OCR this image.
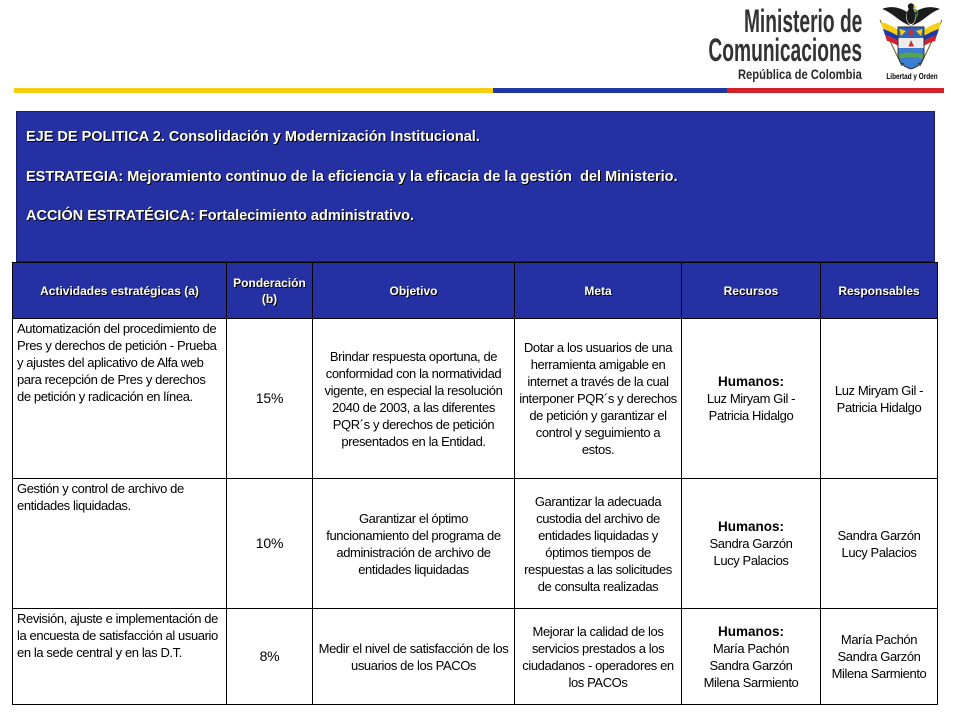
Ministerio de
Comunicaciones
República de Colombia	Libertad y Orden
EJE DE POLITICA 2. Consolidación y Modernización Institucional.
ESTRATEGIA: Mejoramiento continuo de la eficiencia y la eficacia de la gestión  del Ministerio.
ACCIÓN ESTRATÉGICA: Fortalecimiento administrativo.
Actividades estratégicas (a)	Ponderación (b)	Objetivo	Meta	Recursos	Responsables
Automatización del procedimiento de Pres y derechos de petición - Prueba  y ajustes del aplicativo de Alfa web para recepción de Pres y derechos de petición y radicación en línea.	15%	Brindar respuesta oportuna, de conformidad con la normatividad vigente, en especial la resolución 2040 de 2003, a las diferentes PQR´s y derechos de petición presentados en la Entidad.	Dotar a los usuarios de una herramienta amigable en internet a través de la cual interponer PQR´s y derechos de petición y garantizar el control y seguimiento a estos.	Humanos:
Luz Miryam Gil -
Patricia Hidalgo	Luz Miryam Gil -
Patricia Hidalgo

Gestión y control de archivo de entidades liquidadas.	10%	Garantizar el óptimo funcionamiento del programa de administración de archivo de entidades liquidadas	Garantizar la adecuada custodia del archivo de entidades liquidadas y óptimos tiempos de respuestas a las solicitudes de consulta realizadas	Humanos:
Sandra Garzón
Lucy Palacios	Sandra Garzón
Lucy Palacios

Revisión, ajuste e implementación de la encuesta de satisfacción al usuario en la sede central y en las D.T.	8%	Medir el nivel de satisfacción de los usuarios de los PACOs	Mejorar la calidad de los servicios prestados a los ciudadanos - operadores en los PACOs	Humanos:
María Pachón
Sandra Garzón
Milena Sarmiento	María Pachón
Sandra Garzón
Milena Sarmiento
